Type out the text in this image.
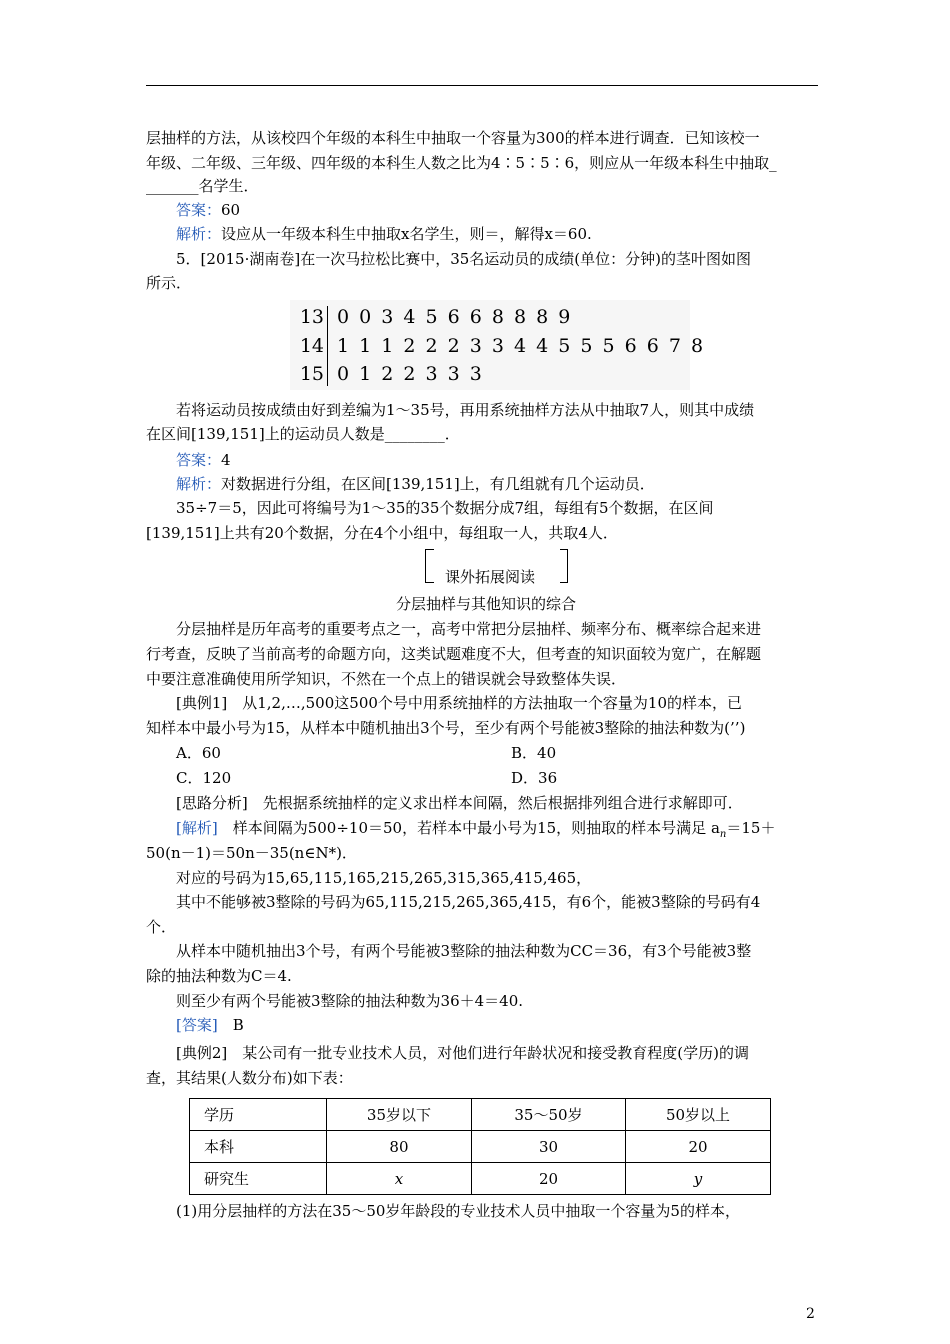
层抽样的方法，从该校四个年级的本科生中抽取一个容量为300的样本进行调查．已知该校一
年级、二年级、三年级、四年级的本科生人数之比为4∶5∶5∶6，则应从一年级本科生中抽取_
_______名学生．
答案：60
解析：设应从一年级本科生中抽取x名学生，则＝，解得x＝60.
5．[2015·湖南卷]在一次马拉松比赛中，35名运动员的成绩(单位：分钟)的茎叶图如图
所示．
13 0 0 3 4 5 6 6 8 8 8 9
14 1 1 1 2 2 2 3 3 4 4 5 5 5 6 6 7 8
15 0 1 2 2 3 3 3
若将运动员按成绩由好到差编为1～35号，再用系统抽样方法从中抽取7人，则其中成绩
在区间[139,151]上的运动员人数是________．
答案：4
解析：对数据进行分组，在区间[139,151]上，有几组就有几个运动员．
35÷7＝5，因此可将编号为1～35的35个数据分成7组，每组有5个数据，在区间
[139,151]上共有20个数据，分在4个小组中，每组取一人，共取4人．
课外拓展阅读
分层抽样与其他知识的综合
分层抽样是历年高考的重要考点之一，高考中常把分层抽样、频率分布、概率综合起来进
行考查，反映了当前高考的命题方向，这类试题难度不大，但考查的知识面较为宽广，在解题
中要注意准确使用所学知识，不然在一个点上的错误就会导致整体失误．
[典例1]　从1,2,…,500这500个号中用系统抽样的方法抽取一个容量为10的样本，已
知样本中最小号为15，从样本中随机抽出3个号，至少有两个号能被3整除的抽法种数为(’’)
A．60	B．40
C．120	D．36
[思路分析]　先根据系统抽样的定义求出样本间隔，然后根据排列组合进行求解即可．
[解析]　样本间隔为500÷10＝50，若样本中最小号为15，则抽取的样本号满足 $a_n=15+$
50(n－1)＝50n－35(n∈N*)．
对应的号码为15,65,115,165,215,265,315,365,415,465，
其中不能够被3整除的号码为65,115,215,265,365,415，有6个，能被3整除的号码有4
个．
从样本中随机抽出3个号，有两个号能被3整除的抽法种数为CC＝36，有3个号能被3整
除的抽法种数为C＝4.
则至少有两个号能被3整除的抽法种数为36＋4＝40.
[答案]　B
[典例2]　某公司有一批专业技术人员，对他们进行年龄状况和接受教育程度(学历)的调
查，其结果(人数分布)如下表：
学历	35岁以下	35～50岁	50岁以上
本科	80	30	20
研究生	x	20	y
(1)用分层抽样的方法在35～50岁年龄段的专业技术人员中抽取一个容量为5的样本，
2
